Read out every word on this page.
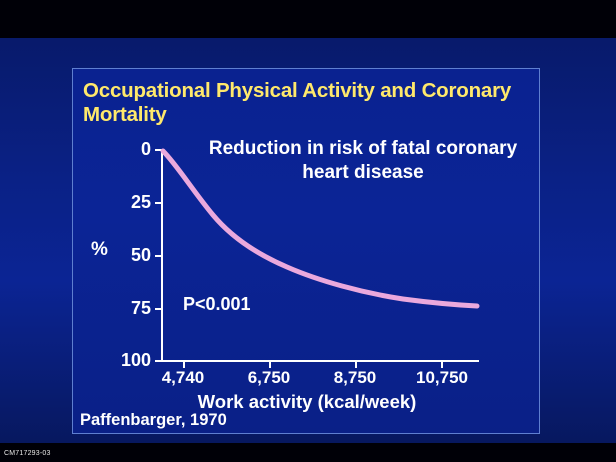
Occupational Physical Activity and Coronary Mortality
Reduction in risk of fatal coronary heart disease
0
25
50
75
100
%
4,740	6,750	8,750	10,750
P<0.001
Work activity (kcal/week)
Paffenbarger, 1970
CM717293-03
